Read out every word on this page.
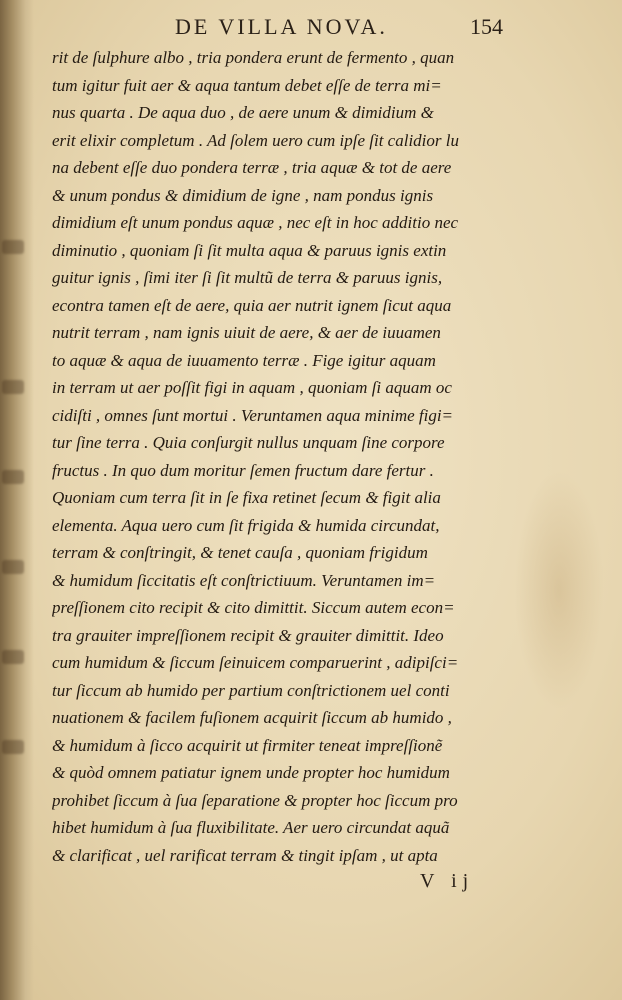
DE VILLA NOVA.	154
rit de ſulphure albo , tria pondera erunt de fermento , quan
tum igitur fuit aer & aqua tantum debet eſſe de terra mi=
nus quarta . De aqua duo , de aere unum & dimidium &
erit elixir completum . Ad ſolem uero cum ipſe ſit calidior lu
na debent eſſe duo pondera terræ , tria aquæ & tot de aere
& unum pondus & dimidium de igne , nam pondus ignis
dimidium eſt unum pondus aquæ , nec eſt in hoc additio nec
diminutio , quoniam ſi ſit multa aqua & paruus ignis extin
guitur ignis , ſimi iter ſi ſit multũ de terra & paruus ignis,
econtra tamen eſt de aere, quia aer nutrit ignem ſicut aqua
nutrit terram , nam ignis uiuit de aere, & aer de iuuamen
to aquæ & aqua de iuuamento terræ . Fige igitur aquam
in terram ut aer poſſit figi in aquam , quoniam ſi aquam oc
cidiſti , omnes ſunt mortui . Veruntamen aqua minime figi=
tur ſine terra . Quia conſurgit nullus unquam ſine corpore
fructus . In quo dum moritur ſemen fructum dare fertur .
Quoniam cum terra ſit in ſe fixa retinet ſecum & figit alia
elementa. Aqua uero cum ſit frigida & humida circundat,
terram & conſtringit, & tenet cauſa , quoniam frigidum
& humidum ſiccitatis eſt conſtrictiuum. Veruntamen im=
preſſionem cito recipit & cito dimittit. Siccum autem econ=
tra grauiter impreſſionem recipit & grauiter dimittit. Ideo
cum humidum & ſiccum ſeinuicem comparuerint , adipiſci=
tur ſiccum ab humido per partium conſtrictionem uel conti
nuationem & facilem fuſionem acquirit ſiccum ab humido ,
& humidum à ſicco acquirit ut firmiter teneat impreſſionẽ
& quòd omnem patiatur ignem unde propter hoc humidum
prohibet ſiccum à ſua ſeparatione & propter hoc ſiccum pro
hibet humidum à ſua fluxibilitate. Aer uero circundat aquã
& clarificat , uel rarificat terram & tingit ipſam , ut apta
V ij
